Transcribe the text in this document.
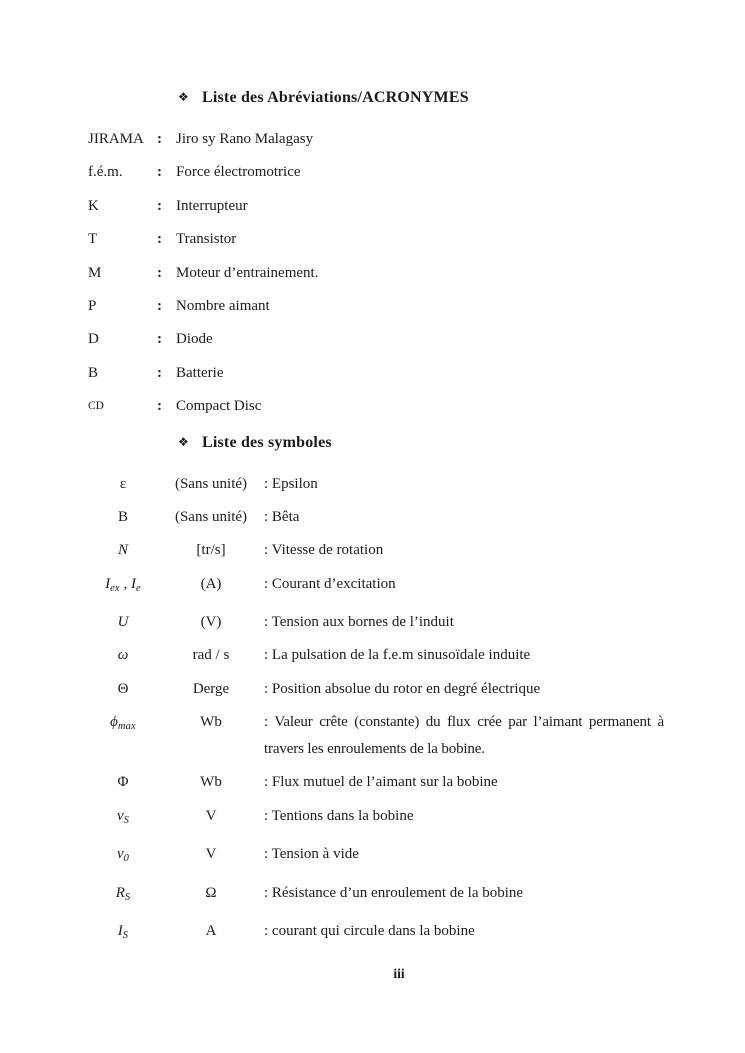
❖ Liste des Abréviations/ACRONYMES
JIRAMA : Jiro sy Rano Malagasy
f.é.m.	: Force électromotrice
K	: Interrupteur
T	: Transistor
M	: Moteur d’entrainement.
P	: Nombre aimant
D	: Diode
B	: Batterie
CD	: Compact Disc
❖ Liste des symboles
ε	(Sans unité)	: Epsilon
B	(Sans unité)	: Bêta
N	[tr/s]	: Vitesse de rotation
$I_{ex}$ , $I_e$	(A)	: Courant d’excitation
U	(V)	: Tension aux bornes de l’induit
ω	rad / s	: La pulsation de la f.e.m sinusoïdale induite
Θ	Derge	: Position absolue du rotor en degré électrique
$\phi_{max}$	Wb	: Valeur crête (constante) du flux crée par l’aimant permanent à travers les enroulements de la bobine.
Φ	Wb	: Flux mutuel de l’aimant sur la bobine
$v_S$	V	: Tentions dans la bobine
$v_0$	V	: Tension à vide
$R_S$	Ω	: Résistance d’un enroulement de la bobine
$I_S$	A	: courant qui circule dans la bobine
iii
